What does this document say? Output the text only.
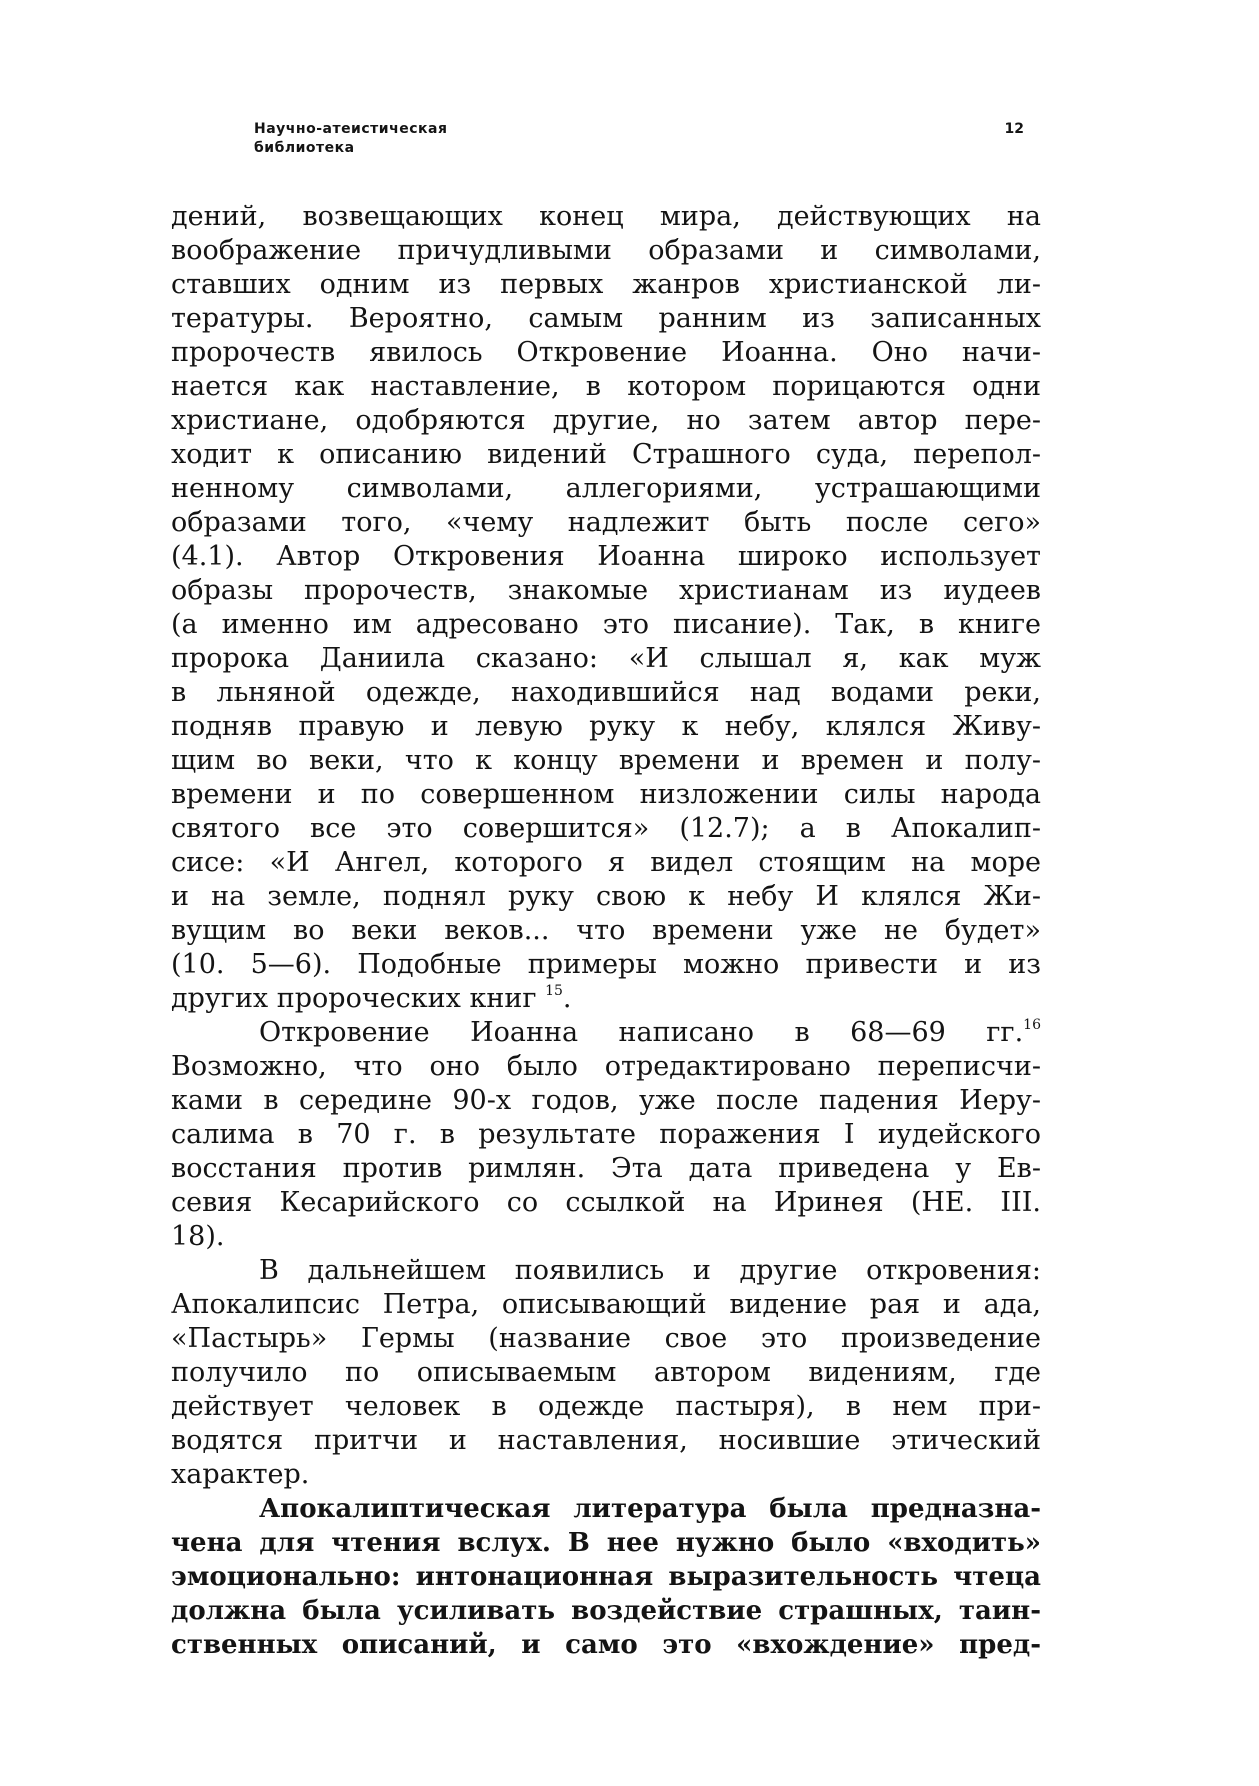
Научно-атеистическая
библиотека
12
дений, возвещающих конец мира, действующих на
воображение причудливыми образами и символами,
ставших одним из первых жанров христианской ли-
тературы. Вероятно, самым ранним из записанных
пророчеств явилось Откровение Иоанна. Оно начи-
нается как наставление, в котором порицаются одни
христиане, одобряются другие, но затем автор пере-
ходит к описанию видений Страшного суда, перепол-
ненному символами, аллегориями, устрашающими
образами того, «чему надлежит быть после сего»
(4.1). Автор Откровения Иоанна широко использует
образы пророчеств, знакомые христианам из иудеев
(а именно им адресовано это писание). Так, в книге
пророка Даниила сказано: «И слышал я, как муж
в льняной одежде, находившийся над водами реки,
подняв правую и левую руку к небу, клялся Живу-
щим во веки, что к концу времени и времен и полу-
времени и по совершенном низложении силы народа
святого все это совершится» (12.7); а в Апокалип-
сисе: «И Ангел, которого я видел стоящим на море
и на земле, поднял руку свою к небу И клялся Жи-
вущим во веки веков... что времени уже не будет»
(10. 5—6). Подобные примеры можно привести и из
других пророческих книг $^{15}$.
Откровение Иоанна написано в 68—69 гг.$^{16}$
Возможно, что оно было отредактировано переписчи-
ками в середине 90-х годов, уже после падения Иеру-
салима в 70 г. в результате поражения I иудейского
восстания против римлян. Эта дата приведена у Ев-
севия Кесарийского со ссылкой на Иринея (HE. III.
18).
В дальнейшем появились и другие откровения:
Апокалипсис Петра, описывающий видение рая и ада,
«Пастырь» Гермы (название свое это произведение
получило по описываемым автором видениям, где
действует человек в одежде пастыря), в нем при-
водятся притчи и наставления, носившие этический
характер.
Апокалиптическая литература была предназна-
чена для чтения вслух. В нее нужно было «входить»
эмоционально: интонационная выразительность чтеца
должна была усиливать воздействие страшных, таин-
ственных описаний, и само это «вхождение» пред-
